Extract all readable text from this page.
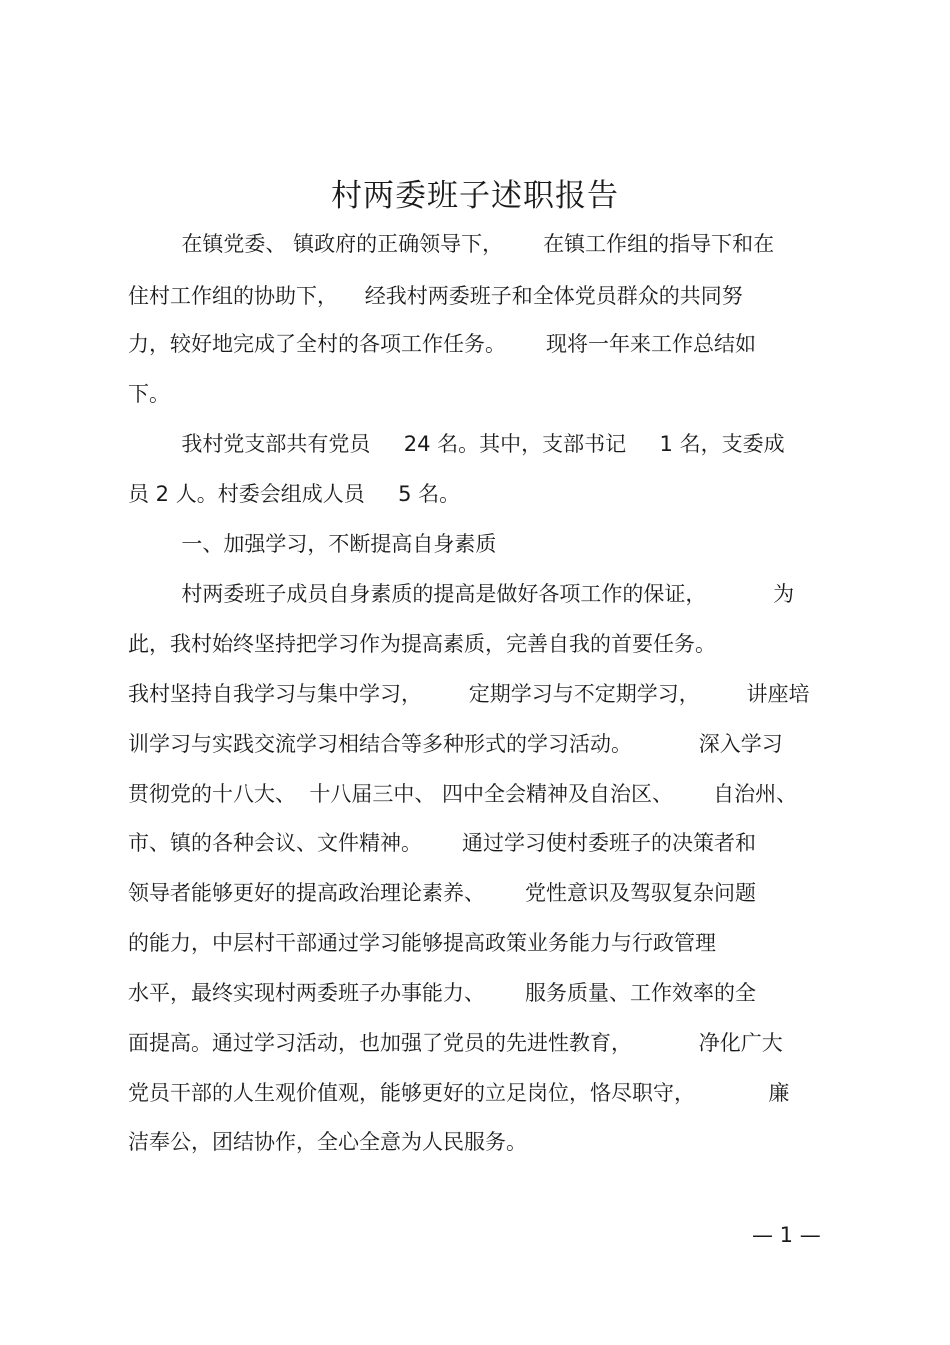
村两委班子述职报告
在镇党委、 镇政府的正确领导下，      在镇工作组的指导下和在
住村工作组的协助下，    经我村两委班子和全体党员群众的共同努
力，较好地完成了全村的各项工作任务。      现将一年来工作总结如
下。
我村党支部共有党员     24 名。其中，支部书记     1 名，支委成
员 2 人。村委会组成人员     5 名。
一、加强学习，不断提高自身素质
村两委班子成员自身素质的提高是做好各项工作的保证，          为
此，我村始终坚持把学习作为提高素质，完善自我的首要任务。
我村坚持自我学习与集中学习，       定期学习与不定期学习，       讲座培
训学习与实践交流学习相结合等多种形式的学习活动。          深入学习
贯彻党的十八大、  十八届三中、 四中全会精神及自治区、      自治州、
市、镇的各种会议、文件精神。      通过学习使村委班子的决策者和
领导者能够更好的提高政治理论素养、      党性意识及驾驭复杂问题
的能力，中层村干部通过学习能够提高政策业务能力与行政管理
水平，最终实现村两委班子办事能力、      服务质量、工作效率的全
面提高。通过学习活动，也加强了党员的先进性教育，          净化广大
党员干部的人生观价值观，能够更好的立足岗位，恪尽职守，           廉
洁奉公，团结协作，全心全意为人民服务。
— 1 —
